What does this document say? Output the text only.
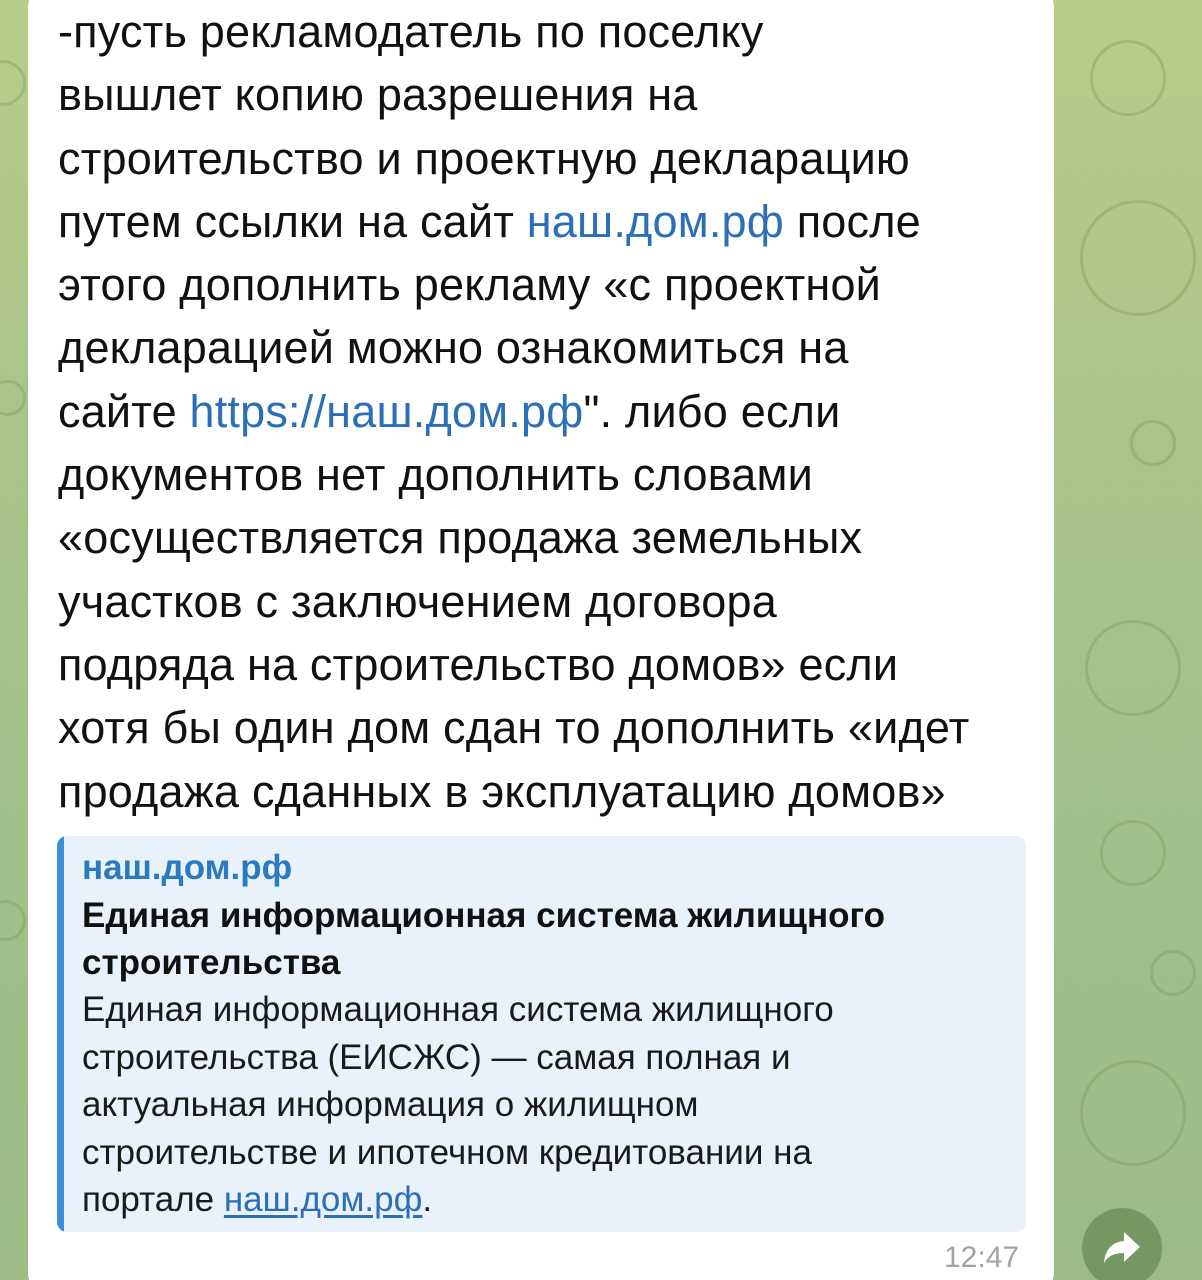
-пусть рекламодатель по поселку
вышлет копию разрешения на
строительство и проектную декларацию
путем ссылки на сайт наш.дом.рф после
этого дополнить рекламу «с проектной
декларацией можно ознакомиться на
сайте https://наш.дом.рф". либо если
документов нет дополнить словами
«осуществляется продажа земельных
участков с заключением договора
подряда на строительство домов» если
хотя бы один дом сдан то дополнить «идет
продажа сданных в эксплуатацию домов»
наш.дом.рф
Единая информационная система жилищного
строительства
Единая информационная система жилищного
строительства (ЕИСЖС) — самая полная и
актуальная информация о жилищном
строительстве и ипотечном кредитовании на
портале наш.дом.рф.
12:47
